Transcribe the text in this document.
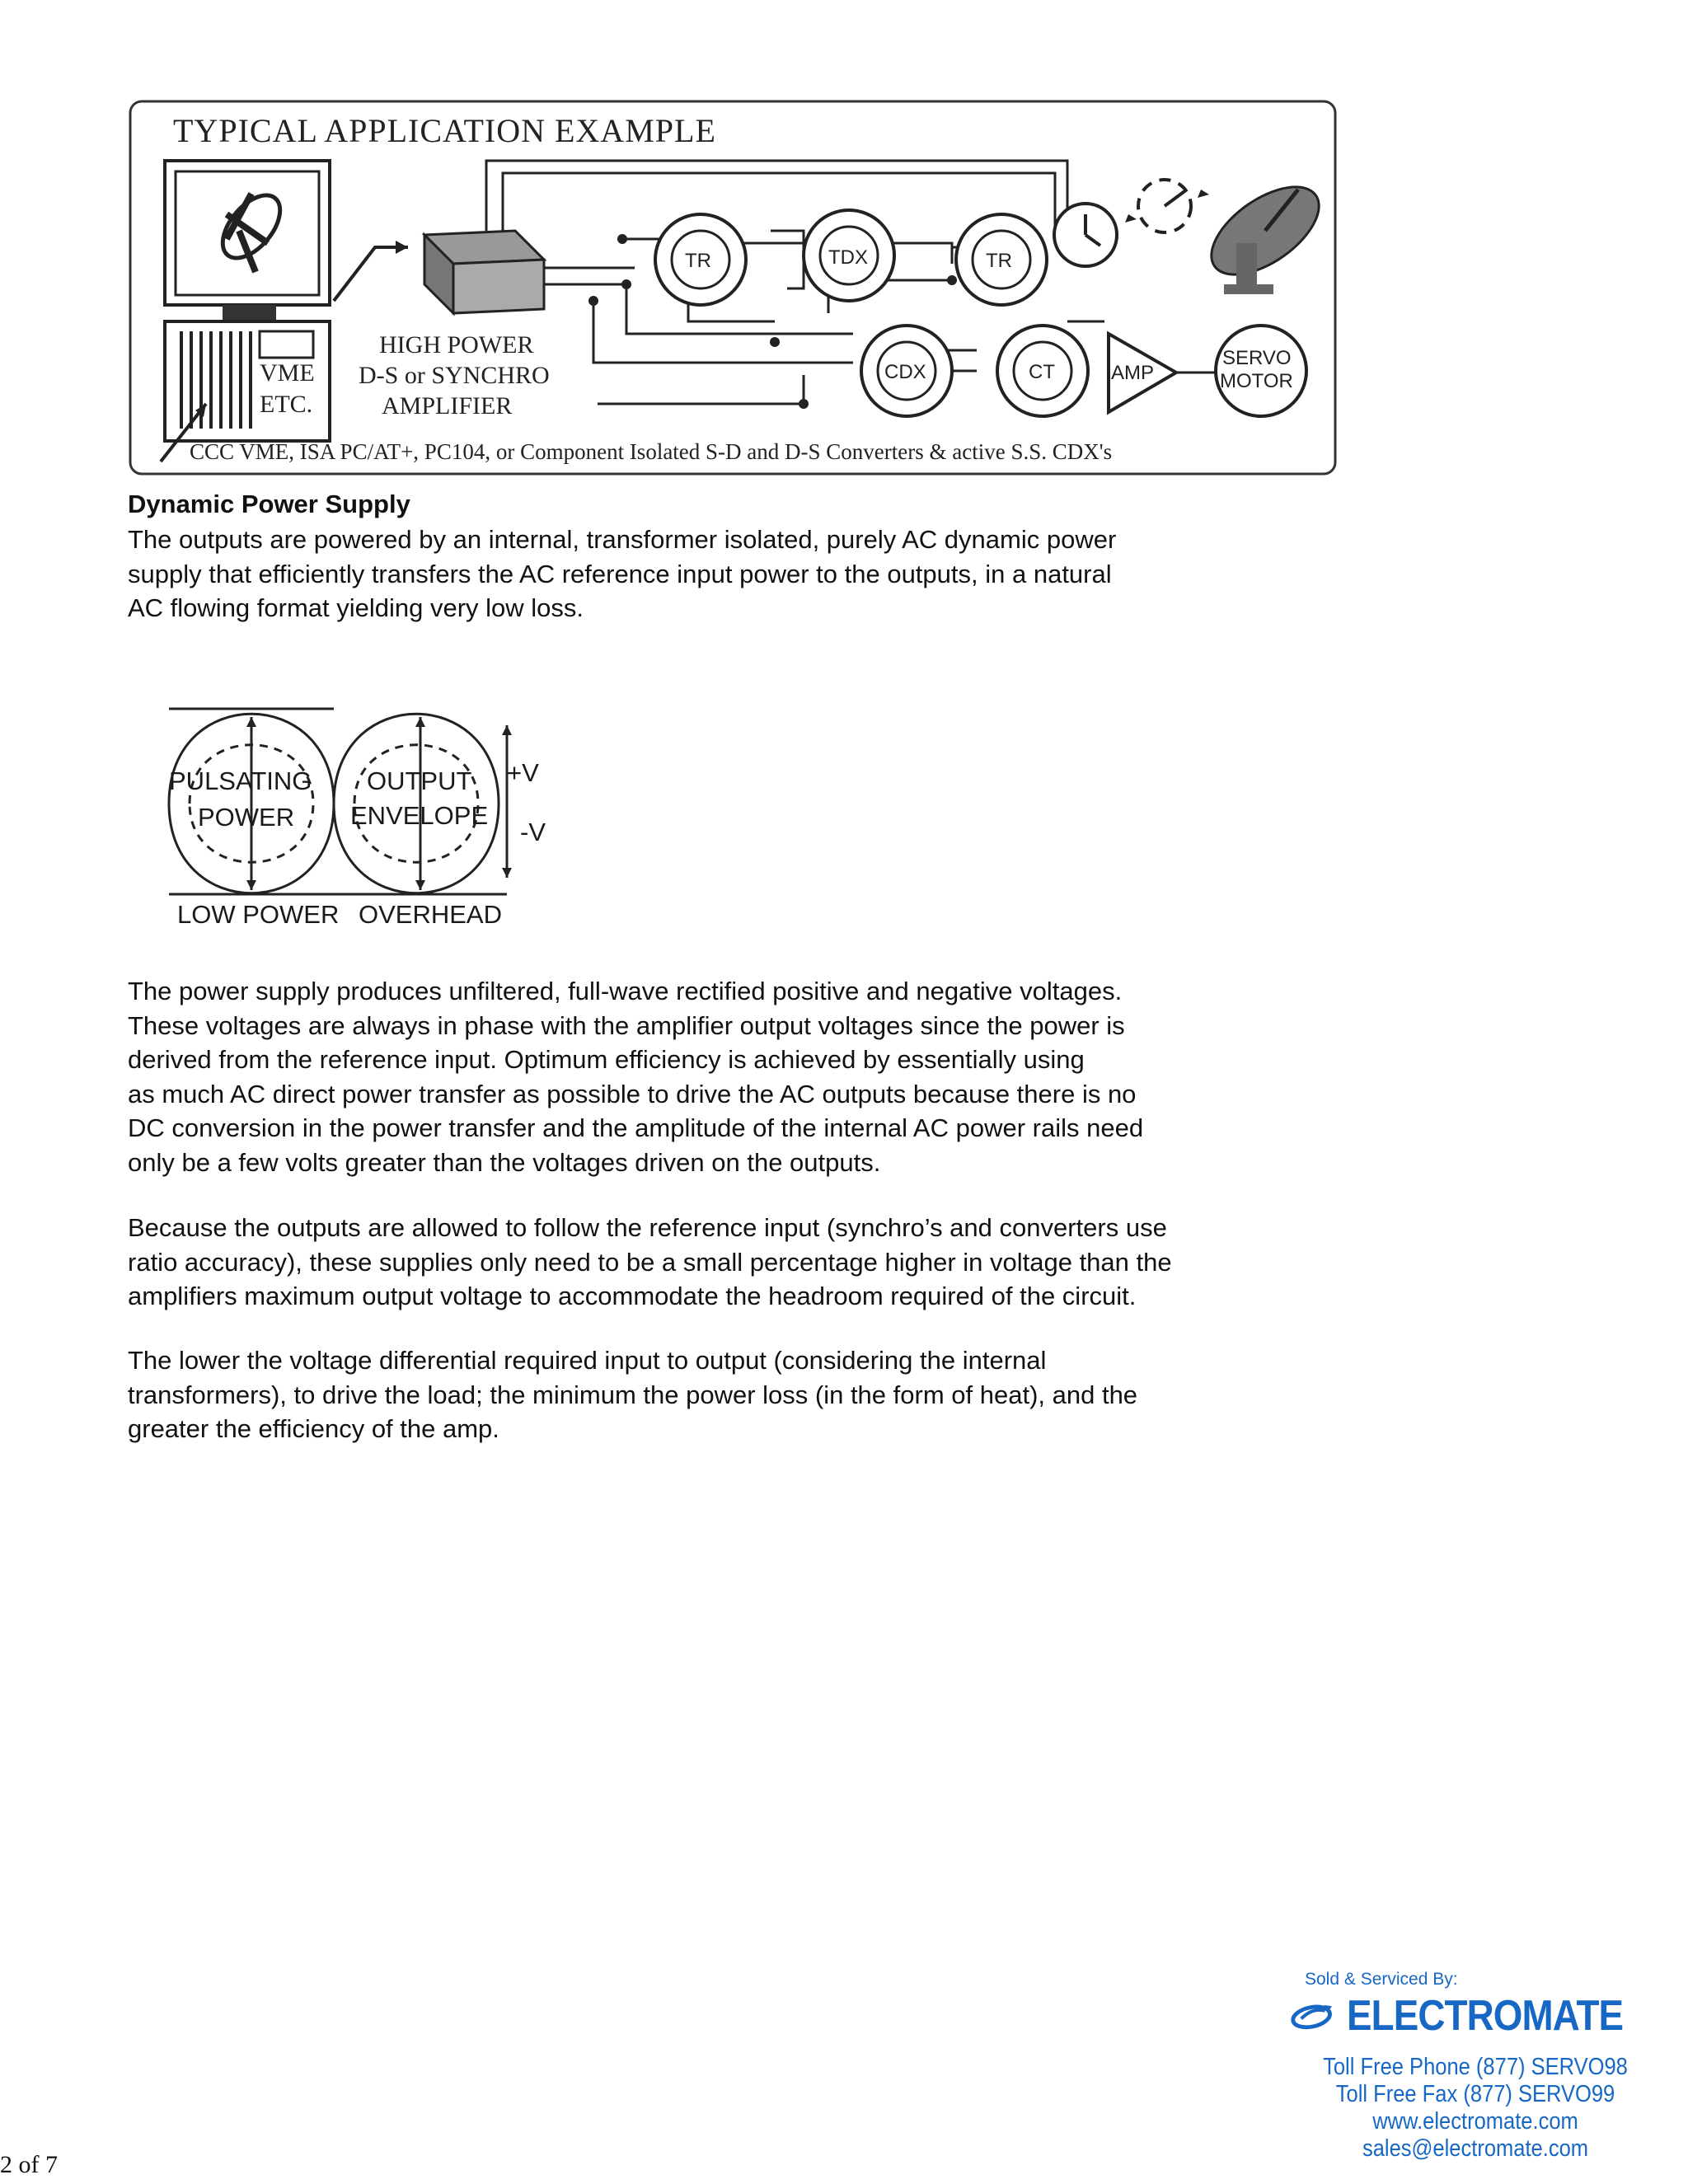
TYPICAL APPLICATION EXAMPLE
VME
ETC.
HIGH POWER
D-S or SYNCHRO
AMPLIFIER
TR	TDX	TR
CDX	CT	AMP
SERVO
MOTOR
CCC VME, ISA PC/AT+, PC104, or Component Isolated S-D and D-S Converters & active S.S. CDX's
Dynamic Power Supply

The outputs are powered by an internal, transformer isolated, purely AC dynamic power

supply that efficiently transfers the AC reference input power to the outputs, in a natural

AC flowing format yielding very low loss.

PULSATING
POWER
OUTPUT
ENVELOPE
+V
-V
LOW POWER OVERHEAD

The power supply produces unfiltered, full-wave rectified positive and negative voltages.

These voltages are always in phase with the amplifier output voltages since the power is

derived from the reference input. Optimum efficiency is achieved by essentially using

as much AC direct power transfer as possible to drive the AC outputs because there is no

DC conversion in the power transfer and the amplitude of the internal AC power rails need

only be a few volts greater than the voltages driven on the outputs.

Because the outputs are allowed to follow the reference input (synchro’s and converters use

ratio accuracy), these supplies only need to be a small percentage higher in voltage than the

amplifiers maximum output voltage to accommodate the headroom required of the circuit.

The lower the voltage differential required input to output (considering the internal

transformers), to drive the load; the minimum the power loss (in the form of heat), and the

greater the efficiency of the amp.

Sold & Serviced By:
ELECTROMATE
Toll Free Phone (877) SERVO98
Toll Free Fax (877) SERVO99
www.electromate.com
sales@electromate.com
2 of 7
